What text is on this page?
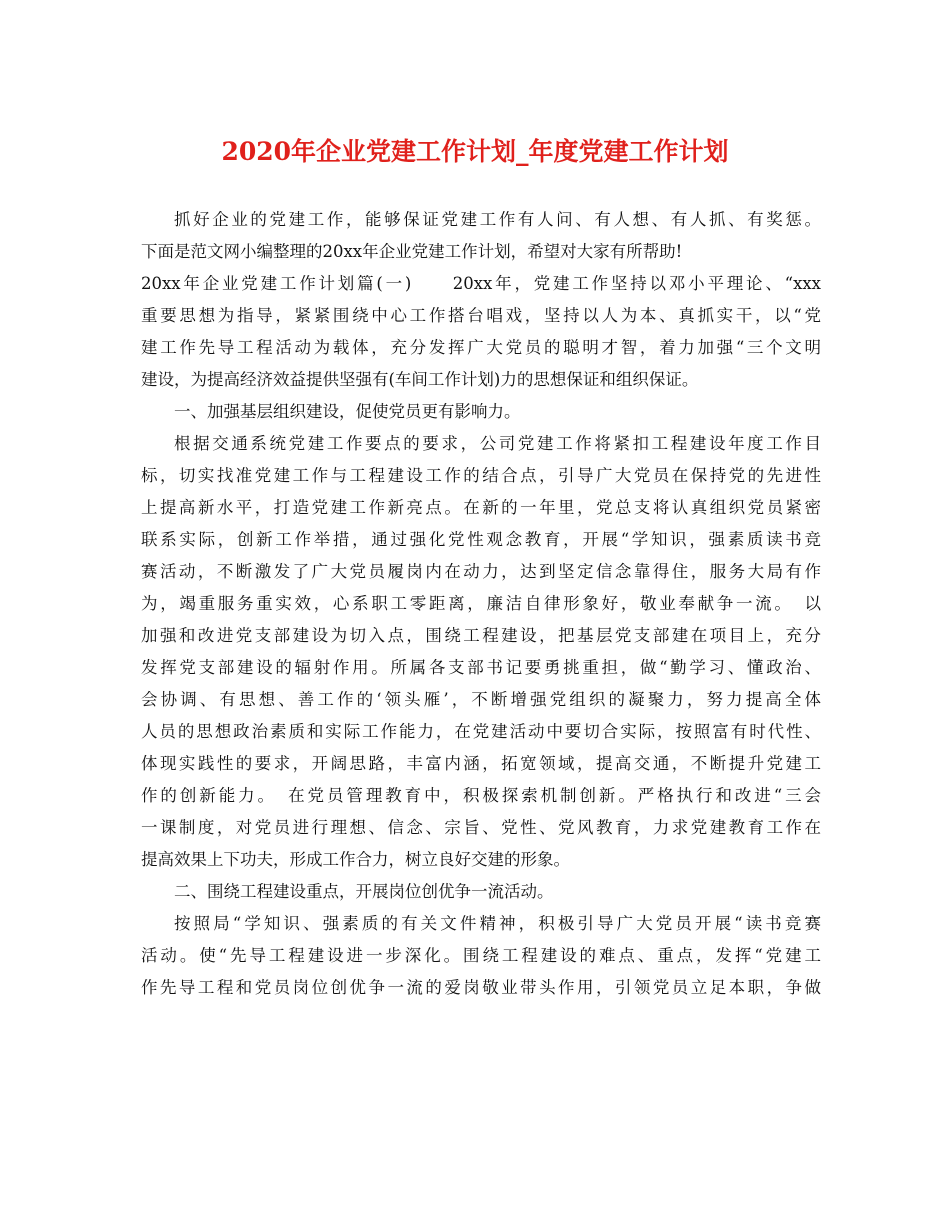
2020年企业党建工作计划_年度党建工作计划
抓好企业的党建工作，能够保证党建工作有人问、有人想、有人抓、有奖惩。
下面是范文网小编整理的20xx年企业党建工作计划，希望对大家有所帮助!
20xx年企业党建工作计划篇(一)　　20xx年，党建工作坚持以邓小平理论、“xxx
重要思想为指导，紧紧围绕中心工作搭台唱戏，坚持以人为本、真抓实干，以“党
建工作先导工程活动为载体，充分发挥广大党员的聪明才智，着力加强“三个文明
建设，为提高经济效益提供坚强有(车间工作计划)力的思想保证和组织保证。
一、加强基层组织建设，促使党员更有影响力。
根据交通系统党建工作要点的要求，公司党建工作将紧扣工程建设年度工作目
标，切实找准党建工作与工程建设工作的结合点，引导广大党员在保持党的先进性
上提高新水平，打造党建工作新亮点。在新的一年里，党总支将认真组织党员紧密
联系实际，创新工作举措，通过强化党性观念教育，开展“学知识，强素质读书竞
赛活动，不断激发了广大党员履岗内在动力，达到坚定信念靠得住，服务大局有作
为，竭重服务重实效，心系职工零距离，廉洁自律形象好，敬业奉献争一流。　以
加强和改进党支部建设为切入点，围绕工程建设，把基层党支部建在项目上，充分
发挥党支部建设的辐射作用。所属各支部书记要勇挑重担，做“勤学习、懂政治、
会协调、有思想、善工作的‘领头雁’，不断增强党组织的凝聚力，努力提高全体
人员的思想政治素质和实际工作能力，在党建活动中要切合实际，按照富有时代性、
体现实践性的要求，开阔思路，丰富内涵，拓宽领域，提高交通，不断提升党建工
作的创新能力。　在党员管理教育中，积极探索机制创新。严格执行和改进“三会
一课制度，对党员进行理想、信念、宗旨、党性、党风教育，力求党建教育工作在
提高效果上下功夫，形成工作合力，树立良好交建的形象。
二、围绕工程建设重点，开展岗位创优争一流活动。
按照局“学知识、强素质的有关文件精神，积极引导广大党员开展“读书竞赛
活动。使“先导工程建设进一步深化。围绕工程建设的难点、重点，发挥“党建工
作先导工程和党员岗位创优争一流的爱岗敬业带头作用，引领党员立足本职，争做
